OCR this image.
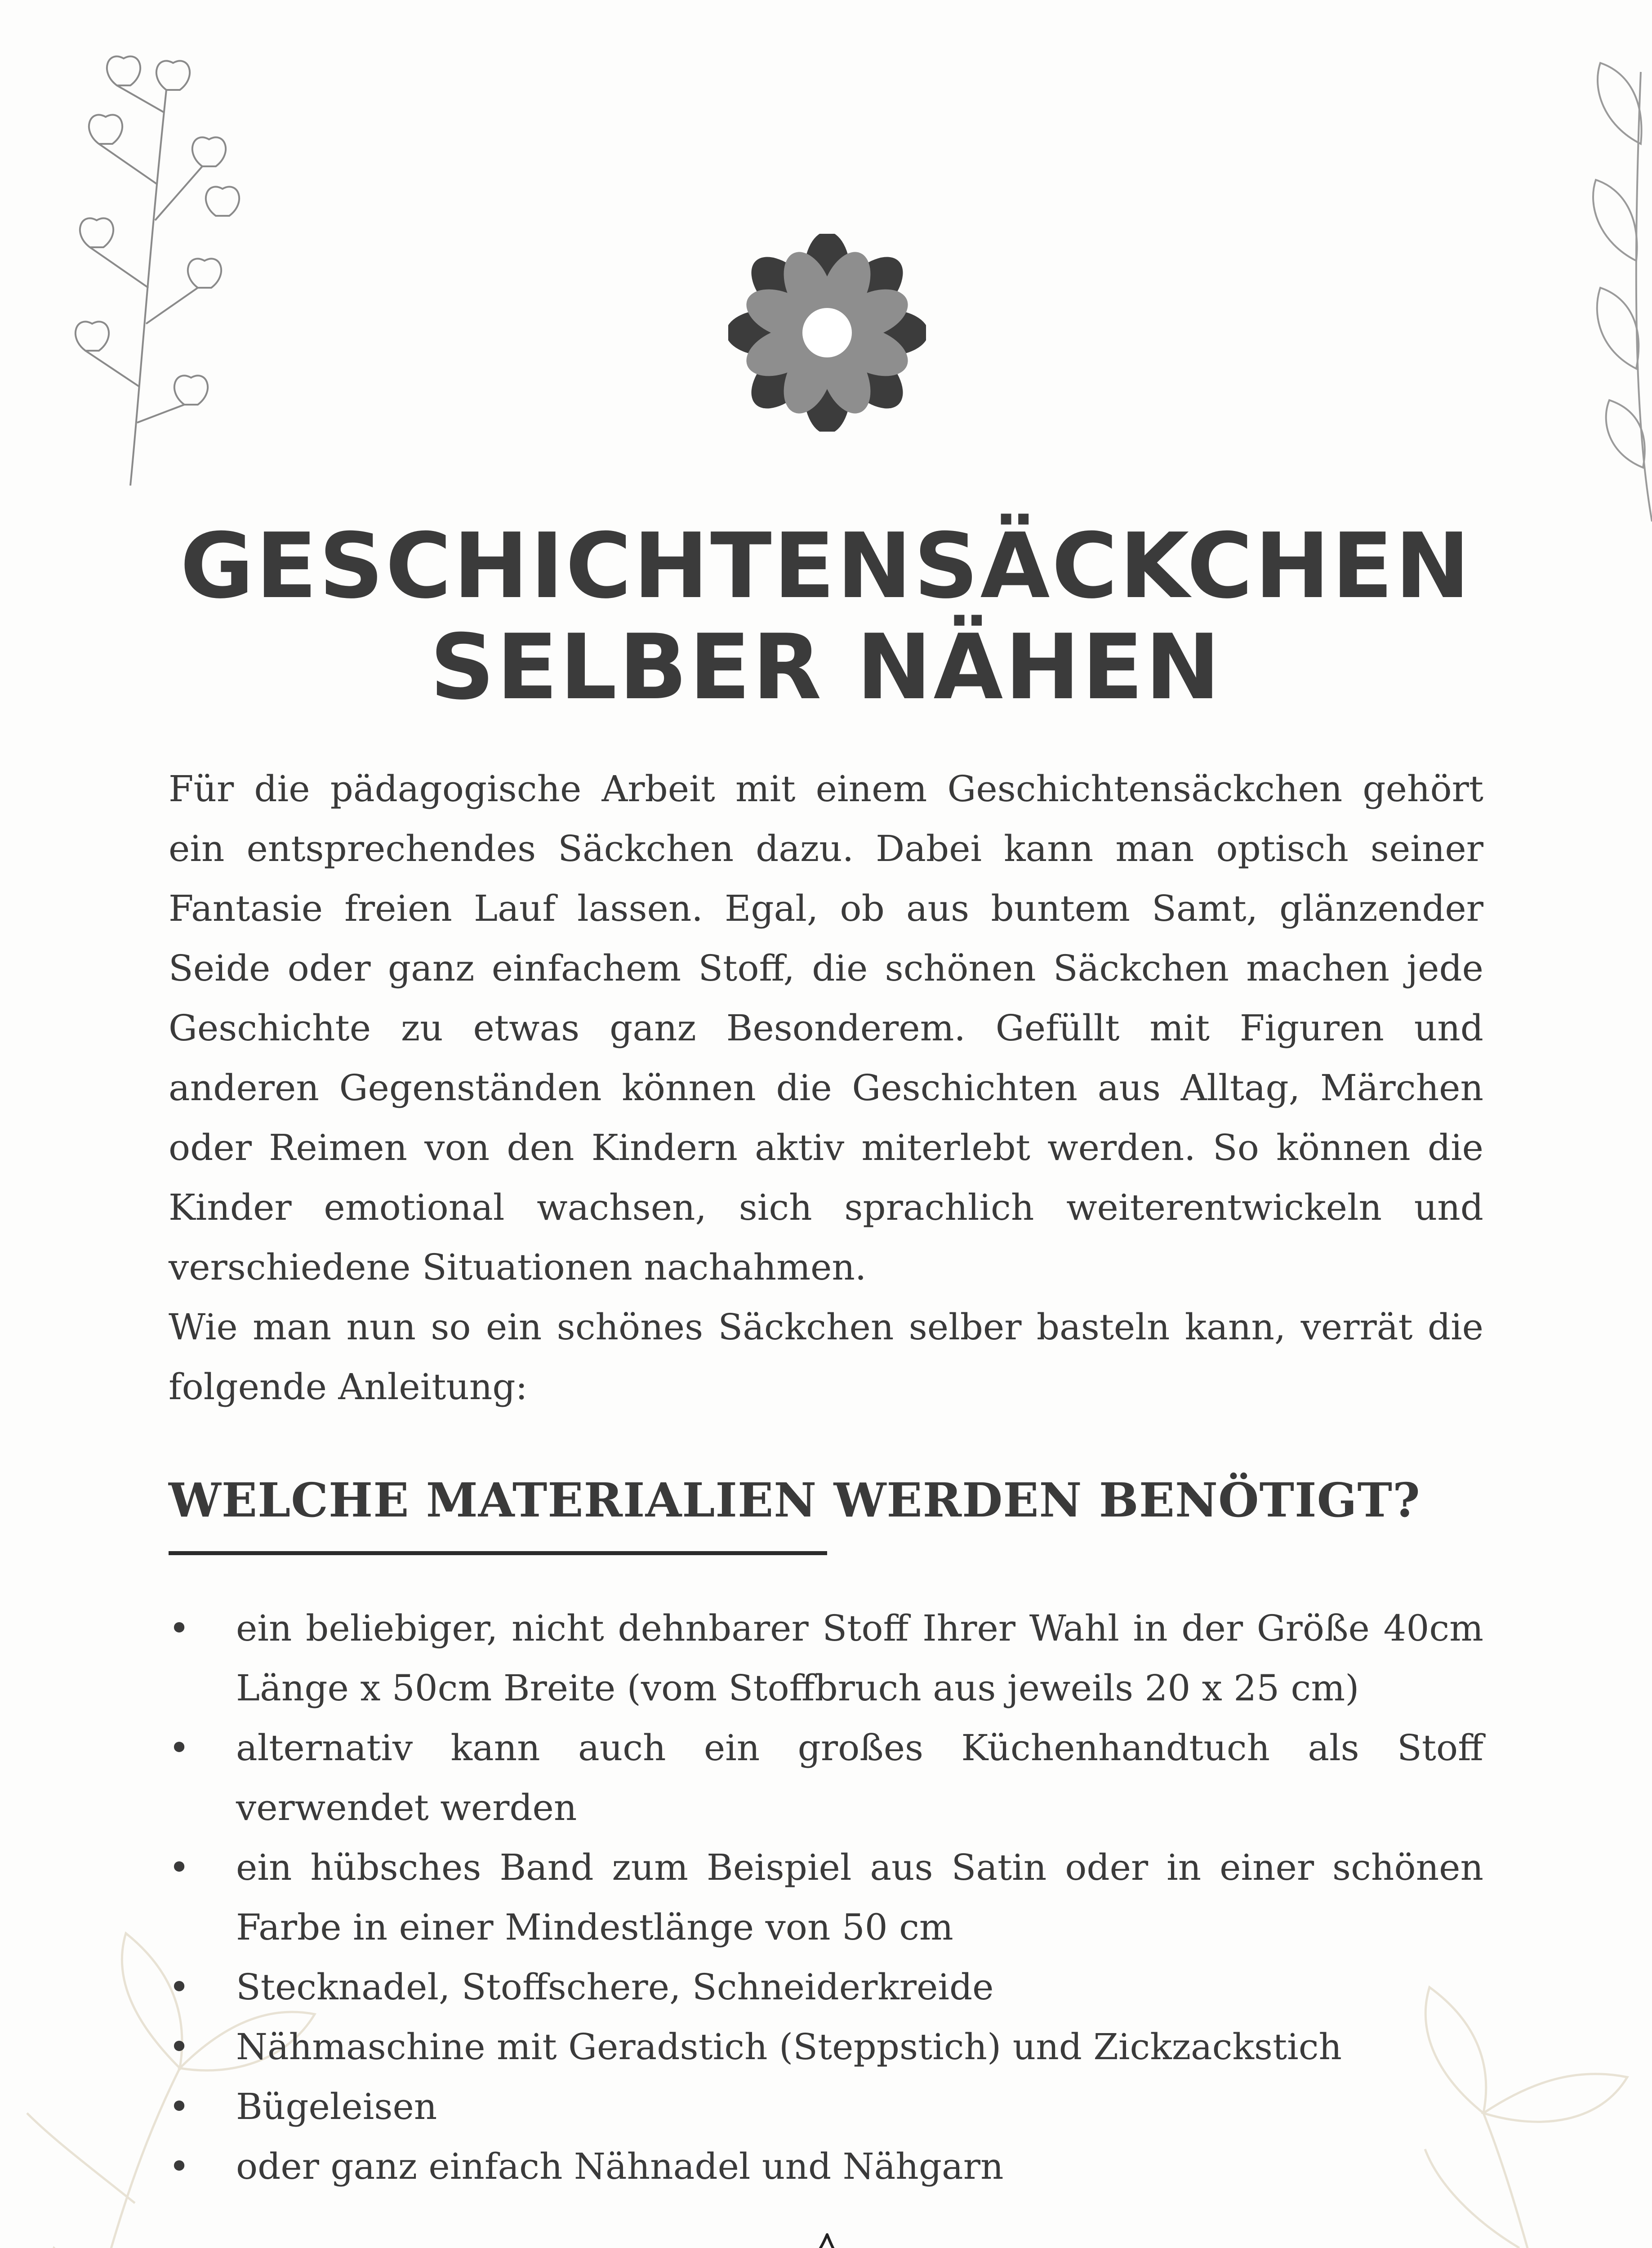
GESCHICHTENSÄCKCHEN
SELBER NÄHEN

Für die pädagogische Arbeit mit einem Geschichtensäckchen gehört ein entsprechendes Säckchen dazu. Dabei kann man optisch seiner Fantasie freien Lauf lassen. Egal, ob aus buntem Samt, glänzender Seide oder ganz einfachem Stoff, die schönen Säckchen machen jede Geschichte zu etwas ganz Besonderem. Gefüllt mit Figuren und anderen Gegenständen können die Geschichten aus Alltag, Märchen oder Reimen von den Kindern aktiv miterlebt werden. So können die Kinder emotional wachsen, sich sprachlich weiterentwickeln und verschiedene Situationen nachahmen.

Wie man nun so ein schönes Säckchen selber basteln kann, verrät die folgende Anleitung:

WELCHE MATERIALIEN WERDEN BENÖTIGT?
• ein beliebiger, nicht dehnbarer Stoff Ihrer Wahl in der Größe 40cm Länge x 50cm Breite (vom Stoffbruch aus jeweils 20 x 25 cm)
• alternativ kann auch ein großes Küchenhandtuch als Stoff verwendet werden
• ein hübsches Band zum Beispiel aus Satin oder in einer schönen Farbe in einer Mindestlänge von 50 cm
• Stecknadel, Stoffschere, Schneiderkreide
• Nähmaschine mit Geradstich (Steppstich) und Zickzackstich
• Bügeleisen
• oder ganz einfach Nähnadel und Nähgarn
